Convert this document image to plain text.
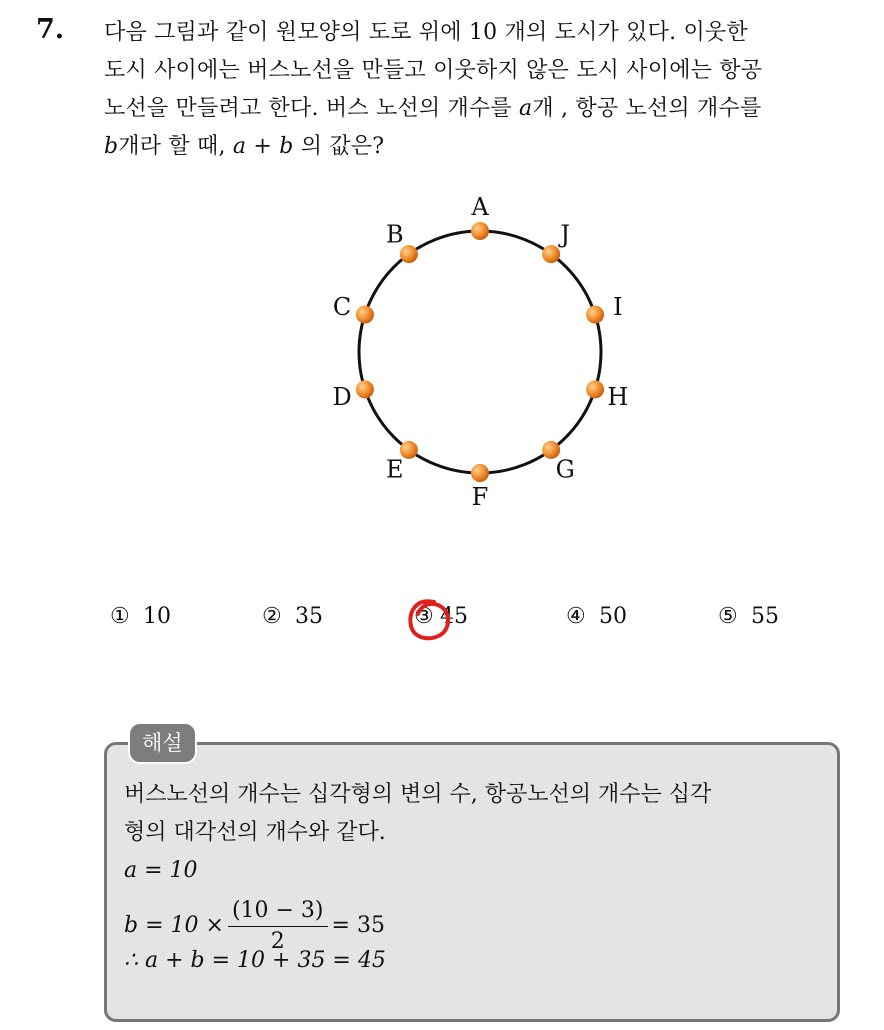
7. 다음 그림과 같이 원모양의 도로 위에 10 개의 도시가 있다. 이웃한
도시 사이에는 버스노선을 만들고 이웃하지 않은 도시 사이에는 항공
노선을 만들려고 한다. 버스 노선의 개수를 a개 , 항공 노선의 개수를
b개라 할 때, a + b 의 값은?
A
B
C
D
E
F
G
H
I
J
① 10	② 35	③ 45	④ 50	⑤ 55
해설
버스노선의 개수는 십각형의 변의 수, 항공노선의 개수는 십각
형의 대각선의 개수와 같다.
a = 10
$b = 10 \times \frac{(10 - 3)}{2} = 35$
∴ a + b = 10 + 35 = 45
